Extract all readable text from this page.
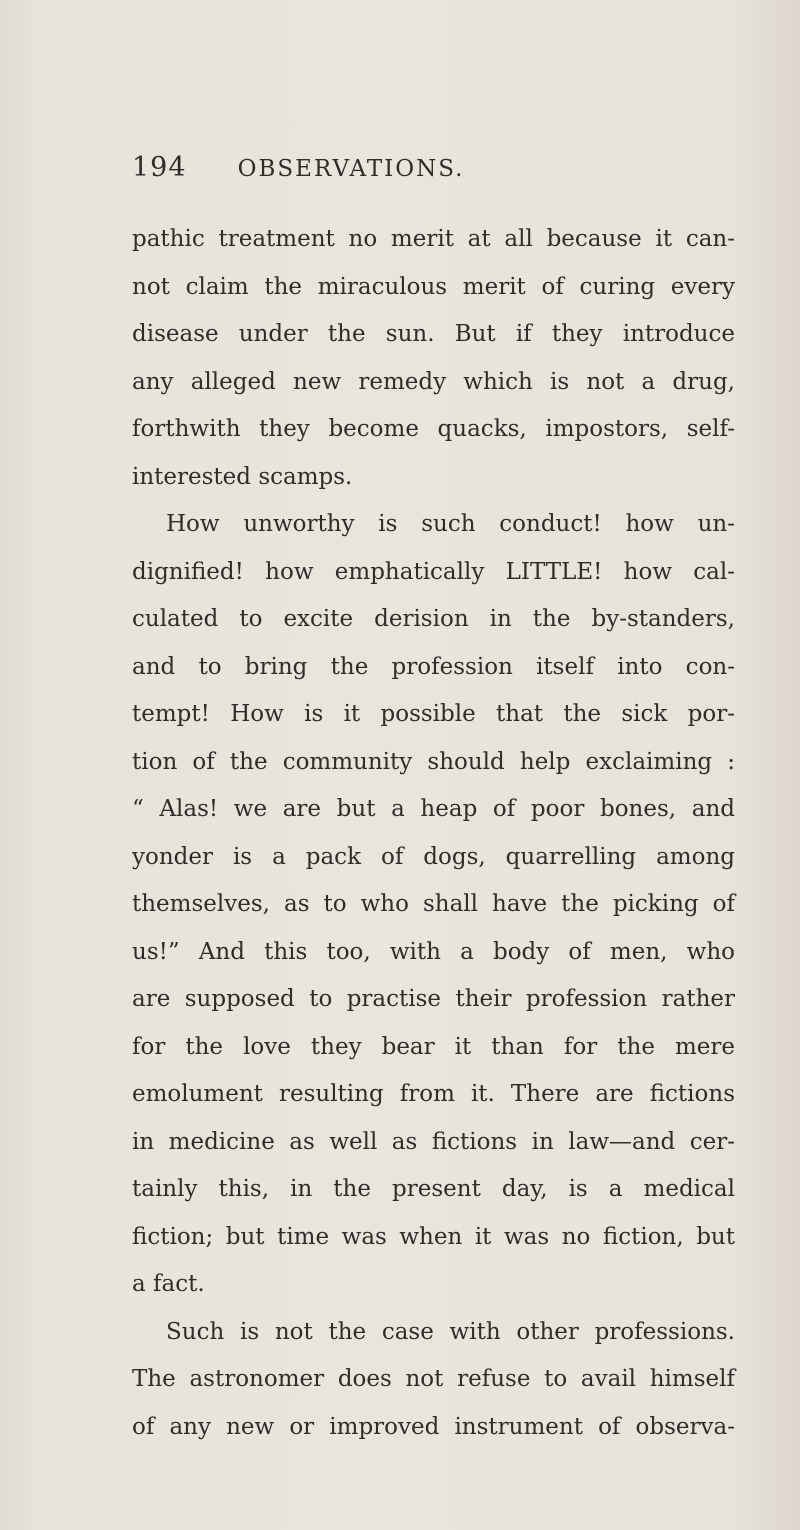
194 OBSERVATIONS.
pathic treatment no merit at all because it can-
not claim the miraculous merit of curing every
disease under the sun. But if they introduce
any alleged new remedy which is not a drug,
forthwith they become quacks, impostors, self-
interested scamps.
How unworthy is such conduct! how un-
dignified! how emphatically LITTLE! how cal-
culated to excite derision in the by-standers,
and to bring the profession itself into con-
tempt! How is it possible that the sick por-
tion of the community should help exclaiming :
“ Alas! we are but a heap of poor bones, and
yonder is a pack of dogs, quarrelling among
themselves, as to who shall have the picking of
us!” And this too, with a body of men, who
are supposed to practise their profession rather
for the love they bear it than for the mere
emolument resulting from it. There are fictions
in medicine as well as fictions in law—and cer-
tainly this, in the present day, is a medical
fiction; but time was when it was no fiction, but
a fact.
Such is not the case with other professions.
The astronomer does not refuse to avail himself
of any new or improved instrument of observa-
